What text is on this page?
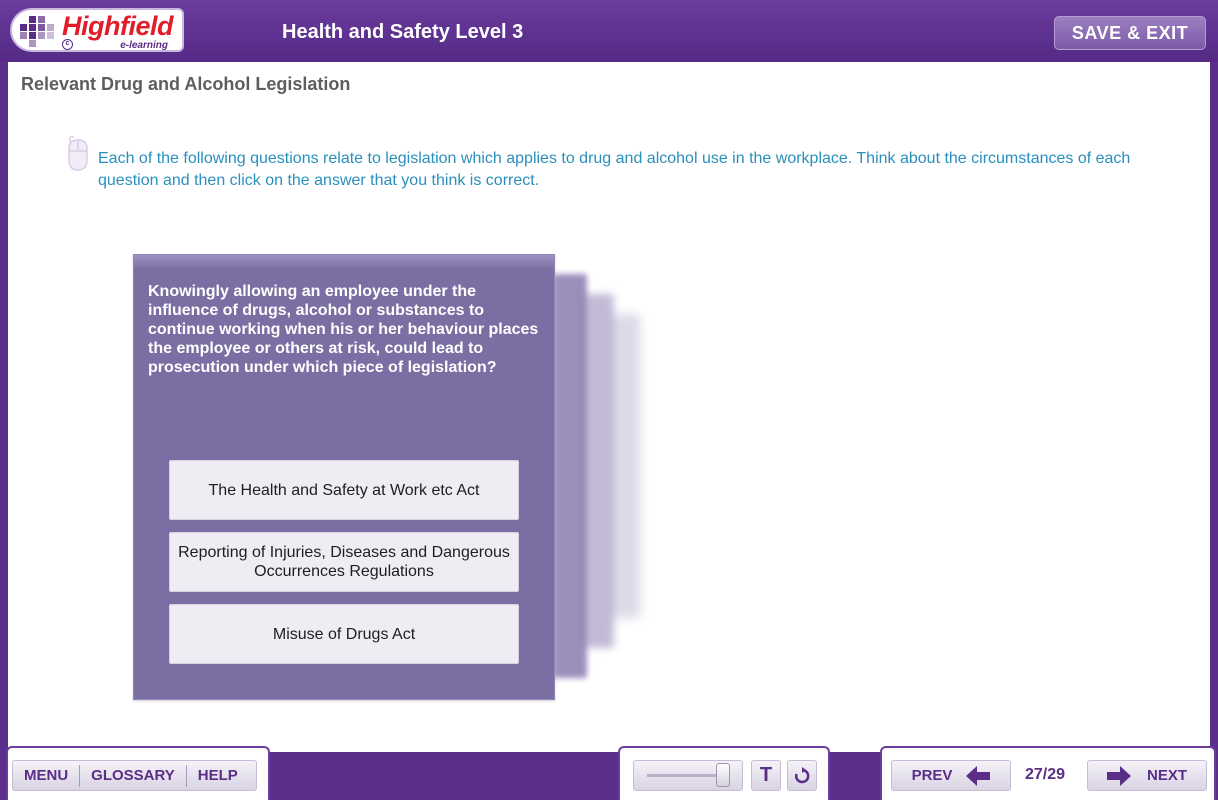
Highfield
c	e-learning
Health and Safety Level 3	SAVE & EXIT
Relevant Drug and Alcohol Legislation
Each of the following questions relate to legislation which applies to drug and alcohol use in the workplace. Think about the circumstances of each question and then click on the answer that you think is correct.
Knowingly allowing an employee under the influence of drugs, alcohol or substances to continue working when his or her behaviour places the employee or others at risk, could lead to prosecution under which piece of legislation?
The Health and Safety at Work etc Act
Reporting of Injuries, Diseases and Dangerous Occurrences Regulations
Misuse of Drugs Act
MENU	GLOSSARY	HELP	T	PREV	27/29	NEXT
